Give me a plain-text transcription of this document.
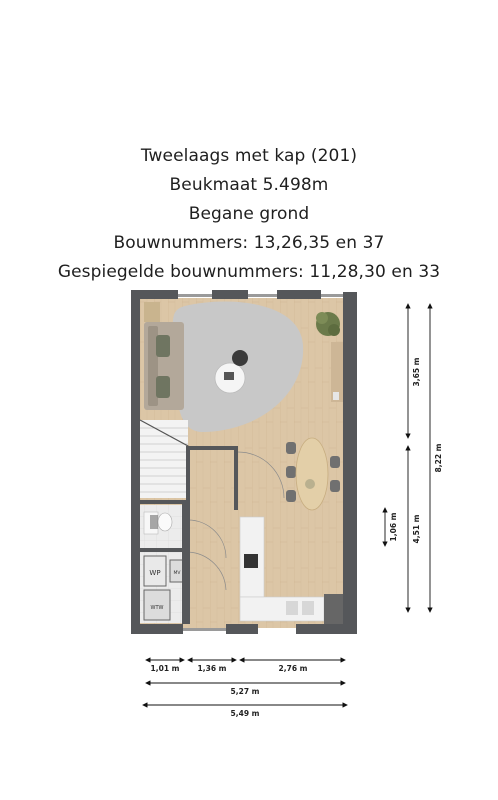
Tweelaags met kap (201)
Beukmaat 5.498m
Begane grond
Bouwnummers: 13,26,35 en 37
Gespiegelde bouwnummers: 11,28,30 en 33
WP	MV
WTW
1,01 m 1,36 m	2,76 m
5,27 m
5,49 m
3,65 m
4,51 m
8,22 m
1,06 m
